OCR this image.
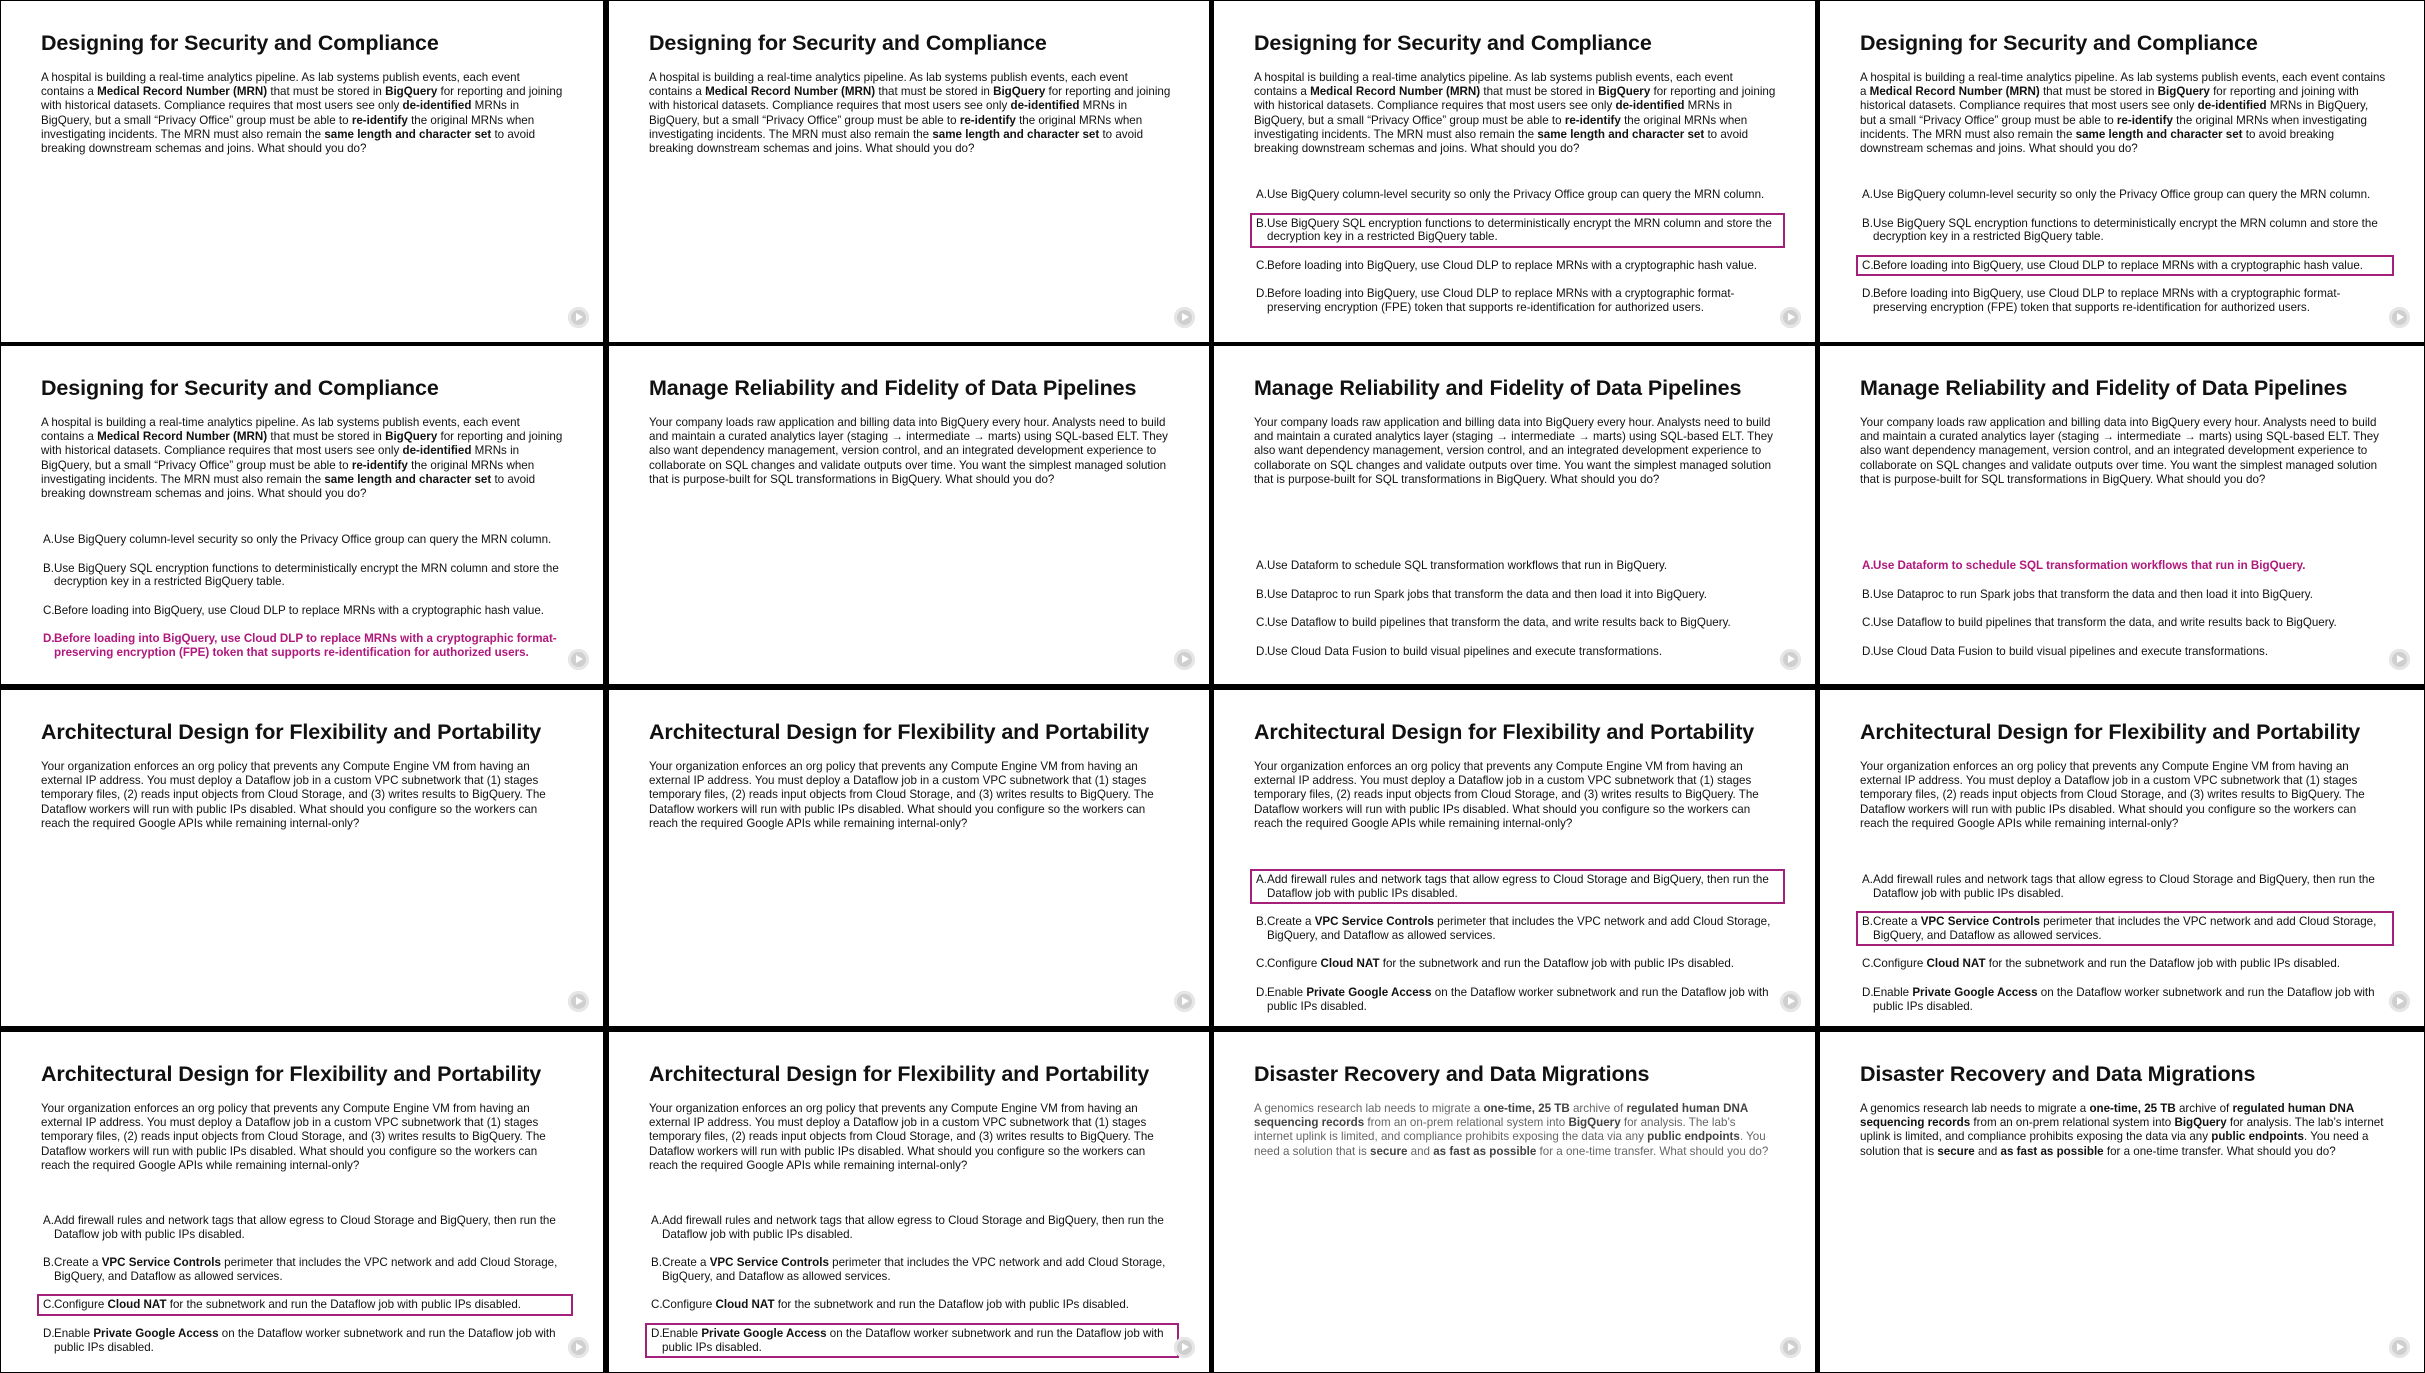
Designing for Security and Compliance
A hospital is building a real-time analytics pipeline. As lab systems publish events, each event contains a Medical Record Number (MRN) that must be stored in BigQuery for reporting and joining with historical datasets. Compliance requires that most users see only de-identified MRNs in BigQuery, but a small “Privacy Office” group must be able to re-identify the original MRNs when investigating incidents. The MRN must also remain the same length and character set to avoid breaking downstream schemas and joins. What should you do?
Designing for Security and Compliance
A hospital is building a real-time analytics pipeline. As lab systems publish events, each event contains a Medical Record Number (MRN) that must be stored in BigQuery for reporting and joining with historical datasets. Compliance requires that most users see only de-identified MRNs in BigQuery, but a small “Privacy Office” group must be able to re-identify the original MRNs when investigating incidents. The MRN must also remain the same length and character set to avoid breaking downstream schemas and joins. What should you do?
Designing for Security and Compliance
A hospital is building a real-time analytics pipeline. As lab systems publish events, each event contains a Medical Record Number (MRN) that must be stored in BigQuery for reporting and joining with historical datasets. Compliance requires that most users see only de-identified MRNs in BigQuery, but a small “Privacy Office” group must be able to re-identify the original MRNs when investigating incidents. The MRN must also remain the same length and character set to avoid breaking downstream schemas and joins. What should you do?
A. Use BigQuery column-level security so only the Privacy Office group can query the MRN column.
B. Use BigQuery SQL encryption functions to deterministically encrypt the MRN column and store the decryption key in a restricted BigQuery table.
C. Before loading into BigQuery, use Cloud DLP to replace MRNs with a cryptographic hash value.
D. Before loading into BigQuery, use Cloud DLP to replace MRNs with a cryptographic format-preserving encryption (FPE) token that supports re-identification for authorized users.
Designing for Security and Compliance
A hospital is building a real-time analytics pipeline. As lab systems publish events, each event contains a Medical Record Number (MRN) that must be stored in BigQuery for reporting and joining with historical datasets. Compliance requires that most users see only de-identified MRNs in BigQuery, but a small “Privacy Office” group must be able to re-identify the original MRNs when investigating incidents. The MRN must also remain the same length and character set to avoid breaking downstream schemas and joins. What should you do?
A. Use BigQuery column-level security so only the Privacy Office group can query the MRN column.
B. Use BigQuery SQL encryption functions to deterministically encrypt the MRN column and store the decryption key in a restricted BigQuery table.
C. Before loading into BigQuery, use Cloud DLP to replace MRNs with a cryptographic hash value.
D. Before loading into BigQuery, use Cloud DLP to replace MRNs with a cryptographic format-preserving encryption (FPE) token that supports re-identification for authorized users.
Designing for Security and Compliance
A hospital is building a real-time analytics pipeline. As lab systems publish events, each event contains a Medical Record Number (MRN) that must be stored in BigQuery for reporting and joining with historical datasets. Compliance requires that most users see only de-identified MRNs in BigQuery, but a small “Privacy Office” group must be able to re-identify the original MRNs when investigating incidents. The MRN must also remain the same length and character set to avoid breaking downstream schemas and joins. What should you do?
A. Use BigQuery column-level security so only the Privacy Office group can query the MRN column.
B. Use BigQuery SQL encryption functions to deterministically encrypt the MRN column and store the decryption key in a restricted BigQuery table.
C. Before loading into BigQuery, use Cloud DLP to replace MRNs with a cryptographic hash value.
D. Before loading into BigQuery, use Cloud DLP to replace MRNs with a cryptographic format-preserving encryption (FPE) token that supports re-identification for authorized users.
Manage Reliability and Fidelity of Data Pipelines
Your company loads raw application and billing data into BigQuery every hour. Analysts need to build and maintain a curated analytics layer (staging → intermediate → marts) using SQL-based ELT. They also want dependency management, version control, and an integrated development experience to collaborate on SQL changes and validate outputs over time. You want the simplest managed solution that is purpose-built for SQL transformations in BigQuery. What should you do?
Manage Reliability and Fidelity of Data Pipelines
Your company loads raw application and billing data into BigQuery every hour. Analysts need to build and maintain a curated analytics layer (staging → intermediate → marts) using SQL-based ELT. They also want dependency management, version control, and an integrated development experience to collaborate on SQL changes and validate outputs over time. You want the simplest managed solution that is purpose-built for SQL transformations in BigQuery. What should you do?
A. Use Dataform to schedule SQL transformation workflows that run in BigQuery.
B. Use Dataproc to run Spark jobs that transform the data and then load it into BigQuery.
C. Use Dataflow to build pipelines that transform the data, and write results back to BigQuery.
D. Use Cloud Data Fusion to build visual pipelines and execute transformations.
Manage Reliability and Fidelity of Data Pipelines
Your company loads raw application and billing data into BigQuery every hour. Analysts need to build and maintain a curated analytics layer (staging → intermediate → marts) using SQL-based ELT. They also want dependency management, version control, and an integrated development experience to collaborate on SQL changes and validate outputs over time. You want the simplest managed solution that is purpose-built for SQL transformations in BigQuery. What should you do?
A. Use Dataform to schedule SQL transformation workflows that run in BigQuery.
B. Use Dataproc to run Spark jobs that transform the data and then load it into BigQuery.
C. Use Dataflow to build pipelines that transform the data, and write results back to BigQuery.
D. Use Cloud Data Fusion to build visual pipelines and execute transformations.
Architectural Design for Flexibility and Portability
Your organization enforces an org policy that prevents any Compute Engine VM from having an external IP address. You must deploy a Dataflow job in a custom VPC subnetwork that (1) stages temporary files, (2) reads input objects from Cloud Storage, and (3) writes results to BigQuery. The Dataflow workers will run with public IPs disabled. What should you configure so the workers can reach the required Google APIs while remaining internal-only?
Architectural Design for Flexibility and Portability
Your organization enforces an org policy that prevents any Compute Engine VM from having an external IP address. You must deploy a Dataflow job in a custom VPC subnetwork that (1) stages temporary files, (2) reads input objects from Cloud Storage, and (3) writes results to BigQuery. The Dataflow workers will run with public IPs disabled. What should you configure so the workers can reach the required Google APIs while remaining internal-only?
Architectural Design for Flexibility and Portability
Your organization enforces an org policy that prevents any Compute Engine VM from having an external IP address. You must deploy a Dataflow job in a custom VPC subnetwork that (1) stages temporary files, (2) reads input objects from Cloud Storage, and (3) writes results to BigQuery. The Dataflow workers will run with public IPs disabled. What should you configure so the workers can reach the required Google APIs while remaining internal-only?
A. Add firewall rules and network tags that allow egress to Cloud Storage and BigQuery, then run the Dataflow job with public IPs disabled.
B. Create a VPC Service Controls perimeter that includes the VPC network and add Cloud Storage, BigQuery, and Dataflow as allowed services.
C. Configure Cloud NAT for the subnetwork and run the Dataflow job with public IPs disabled.
D. Enable Private Google Access on the Dataflow worker subnetwork and run the Dataflow job with public IPs disabled.
Architectural Design for Flexibility and Portability
Your organization enforces an org policy that prevents any Compute Engine VM from having an external IP address. You must deploy a Dataflow job in a custom VPC subnetwork that (1) stages temporary files, (2) reads input objects from Cloud Storage, and (3) writes results to BigQuery. The Dataflow workers will run with public IPs disabled. What should you configure so the workers can reach the required Google APIs while remaining internal-only?
A. Add firewall rules and network tags that allow egress to Cloud Storage and BigQuery, then run the Dataflow job with public IPs disabled.
B. Create a VPC Service Controls perimeter that includes the VPC network and add Cloud Storage, BigQuery, and Dataflow as allowed services.
C. Configure Cloud NAT for the subnetwork and run the Dataflow job with public IPs disabled.
D. Enable Private Google Access on the Dataflow worker subnetwork and run the Dataflow job with public IPs disabled.
Architectural Design for Flexibility and Portability
Your organization enforces an org policy that prevents any Compute Engine VM from having an external IP address. You must deploy a Dataflow job in a custom VPC subnetwork that (1) stages temporary files, (2) reads input objects from Cloud Storage, and (3) writes results to BigQuery. The Dataflow workers will run with public IPs disabled. What should you configure so the workers can reach the required Google APIs while remaining internal-only?
A. Add firewall rules and network tags that allow egress to Cloud Storage and BigQuery, then run the Dataflow job with public IPs disabled.
B. Create a VPC Service Controls perimeter that includes the VPC network and add Cloud Storage, BigQuery, and Dataflow as allowed services.
C. Configure Cloud NAT for the subnetwork and run the Dataflow job with public IPs disabled.
D. Enable Private Google Access on the Dataflow worker subnetwork and run the Dataflow job with public IPs disabled.
Architectural Design for Flexibility and Portability
Your organization enforces an org policy that prevents any Compute Engine VM from having an external IP address. You must deploy a Dataflow job in a custom VPC subnetwork that (1) stages temporary files, (2) reads input objects from Cloud Storage, and (3) writes results to BigQuery. The Dataflow workers will run with public IPs disabled. What should you configure so the workers can reach the required Google APIs while remaining internal-only?
A. Add firewall rules and network tags that allow egress to Cloud Storage and BigQuery, then run the Dataflow job with public IPs disabled.
B. Create a VPC Service Controls perimeter that includes the VPC network and add Cloud Storage, BigQuery, and Dataflow as allowed services.
C. Configure Cloud NAT for the subnetwork and run the Dataflow job with public IPs disabled.
D. Enable Private Google Access on the Dataflow worker subnetwork and run the Dataflow job with public IPs disabled.
Disaster Recovery and Data Migrations
A genomics research lab needs to migrate a one-time, 25 TB archive of regulated human DNA sequencing records from an on-prem relational system into BigQuery for analysis. The lab’s internet uplink is limited, and compliance prohibits exposing the data via any public endpoints. You need a solution that is secure and as fast as possible for a one-time transfer. What should you do?
Disaster Recovery and Data Migrations
A genomics research lab needs to migrate a one-time, 25 TB archive of regulated human DNA sequencing records from an on-prem relational system into BigQuery for analysis. The lab’s internet uplink is limited, and compliance prohibits exposing the data via any public endpoints. You need a solution that is secure and as fast as possible for a one-time transfer. What should you do?
